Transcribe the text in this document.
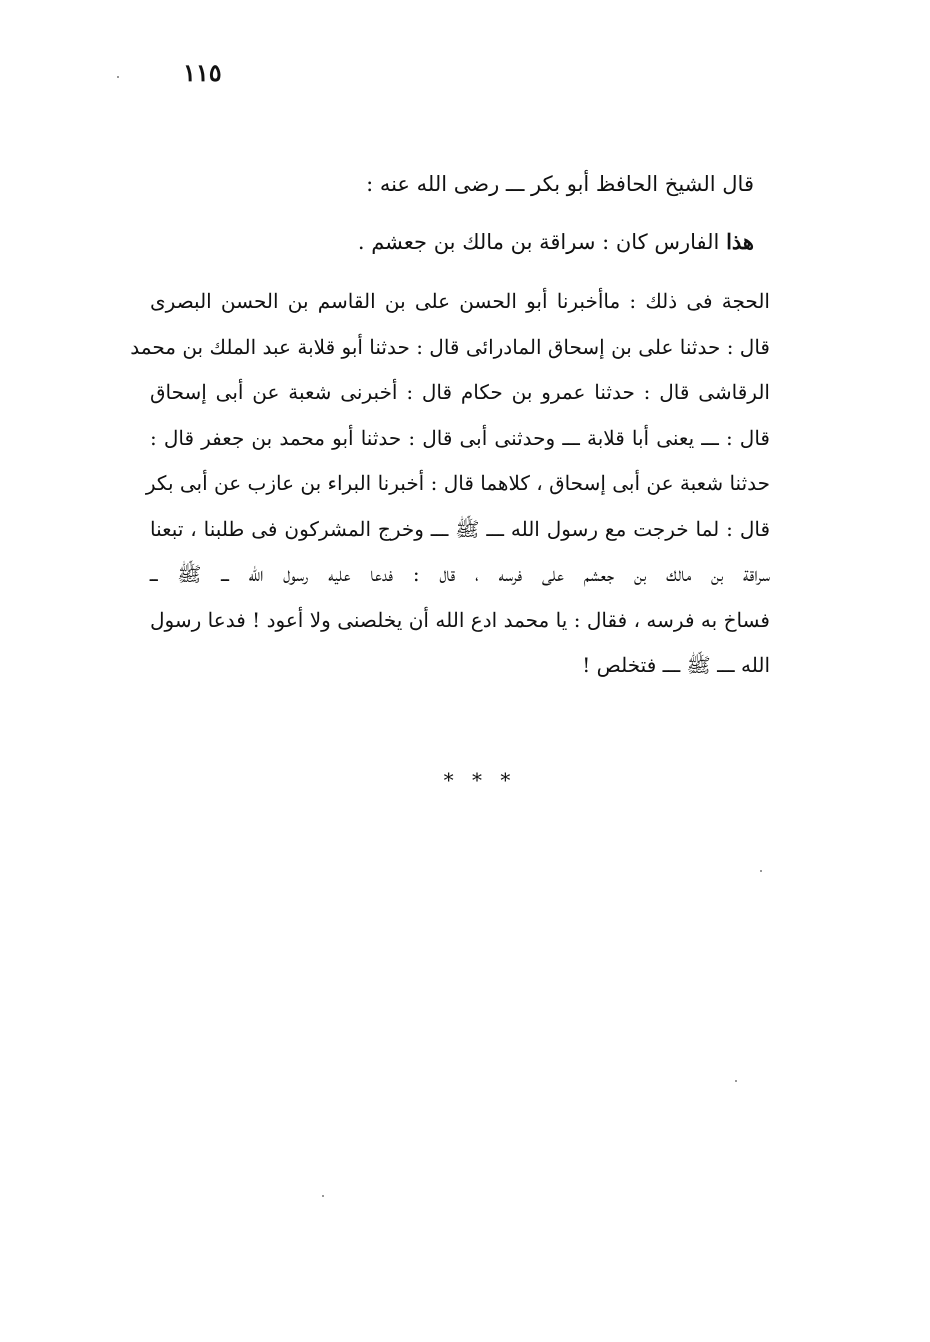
١١٥
قال الشيخ الحافظ أبو بكر ـــ رضى الله عنه :
هذا الفارس كان : سراقة بن مالك بن جعشم .
الحجة فى ذلك : ماأخبرنا أبو الحسن على بن القاسم بن الحسن البصرى
قال : حدثنا على بن إسحاق المادرائى قال : حدثنا أبو قلابة عبد الملك بن محمد
الرقاشى قال : حدثنا عمرو بن حكام قال : أخبرنى شعبة عن أبى إسحاق
قال : ـــ يعنى أبا قلابة ـــ وحدثنى أبى قال : حدثنا أبو محمد بن جعفر قال :
حدثنا شعبة عن أبى إسحاق ، كلاهما قال : أخبرنا البراء بن عازب عن أبى بكر
قال : لما خرجت مع رسول الله ـــ ﷺ ـــ وخرج المشركون فى طلبنا ، تبعنا
سراقة بن مالك بن جعشم على فرسه ، قال : فدعا عليه رسول الله ـــ ﷺ ـــ
فساخ به فرسه ، فقال : يا محمد ادع الله أن يخلصنى ولا أعود ! فدعا رسول
الله ـــ ﷺ ـــ فتخلص !
* * *
